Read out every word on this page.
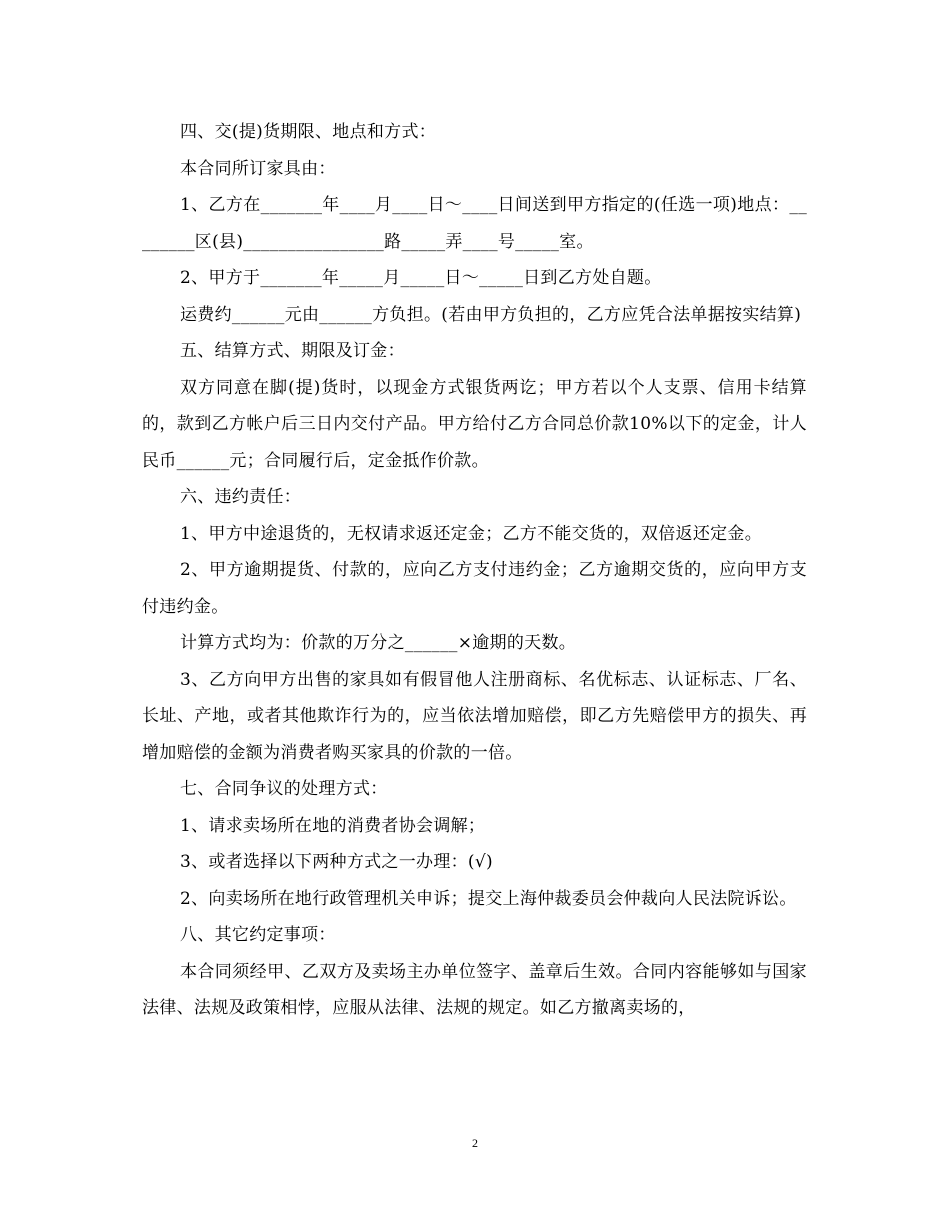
四、交(提)货期限、地点和方式：

本合同所订家具由：

1、乙方在_______年____月____日～____日间送到甲方指定的(任选一项)地点：________区(县)________________路_____弄____号_____室。

2、甲方于_______年_____月_____日～_____日到乙方处自题。

运费约______元由______方负担。(若由甲方负担的，乙方应凭合法单据按实结算)

五、结算方式、期限及订金：

双方同意在脚(提)货时，以现金方式银货两讫；甲方若以个人支票、信用卡结算的，款到乙方帐户后三日内交付产品。甲方给付乙方合同总价款10%以下的定金，计人民币______元；合同履行后，定金抵作价款。

六、违约责任：

1、甲方中途退货的，无权请求返还定金；乙方不能交货的，双倍返还定金。

2、甲方逾期提货、付款的，应向乙方支付违约金；乙方逾期交货的，应向甲方支付违约金。

计算方式均为：价款的万分之______×逾期的天数。

3、乙方向甲方出售的家具如有假冒他人注册商标、名优标志、认证标志、厂名、长址、产地，或者其他欺诈行为的，应当依法增加赔偿，即乙方先赔偿甲方的损失、再增加赔偿的金额为消费者购买家具的价款的一倍。

七、合同争议的处理方式：

1、请求卖场所在地的消费者协会调解；

3、或者选择以下两种方式之一办理：(√)

2、向卖场所在地行政管理机关申诉；提交上海仲裁委员会仲裁向人民法院诉讼。

八、其它约定事项：

本合同须经甲、乙双方及卖场主办单位签字、盖章后生效。合同内容能够如与国家法律、法规及政策相悖，应服从法律、法规的规定。如乙方撤离卖场的，

2
